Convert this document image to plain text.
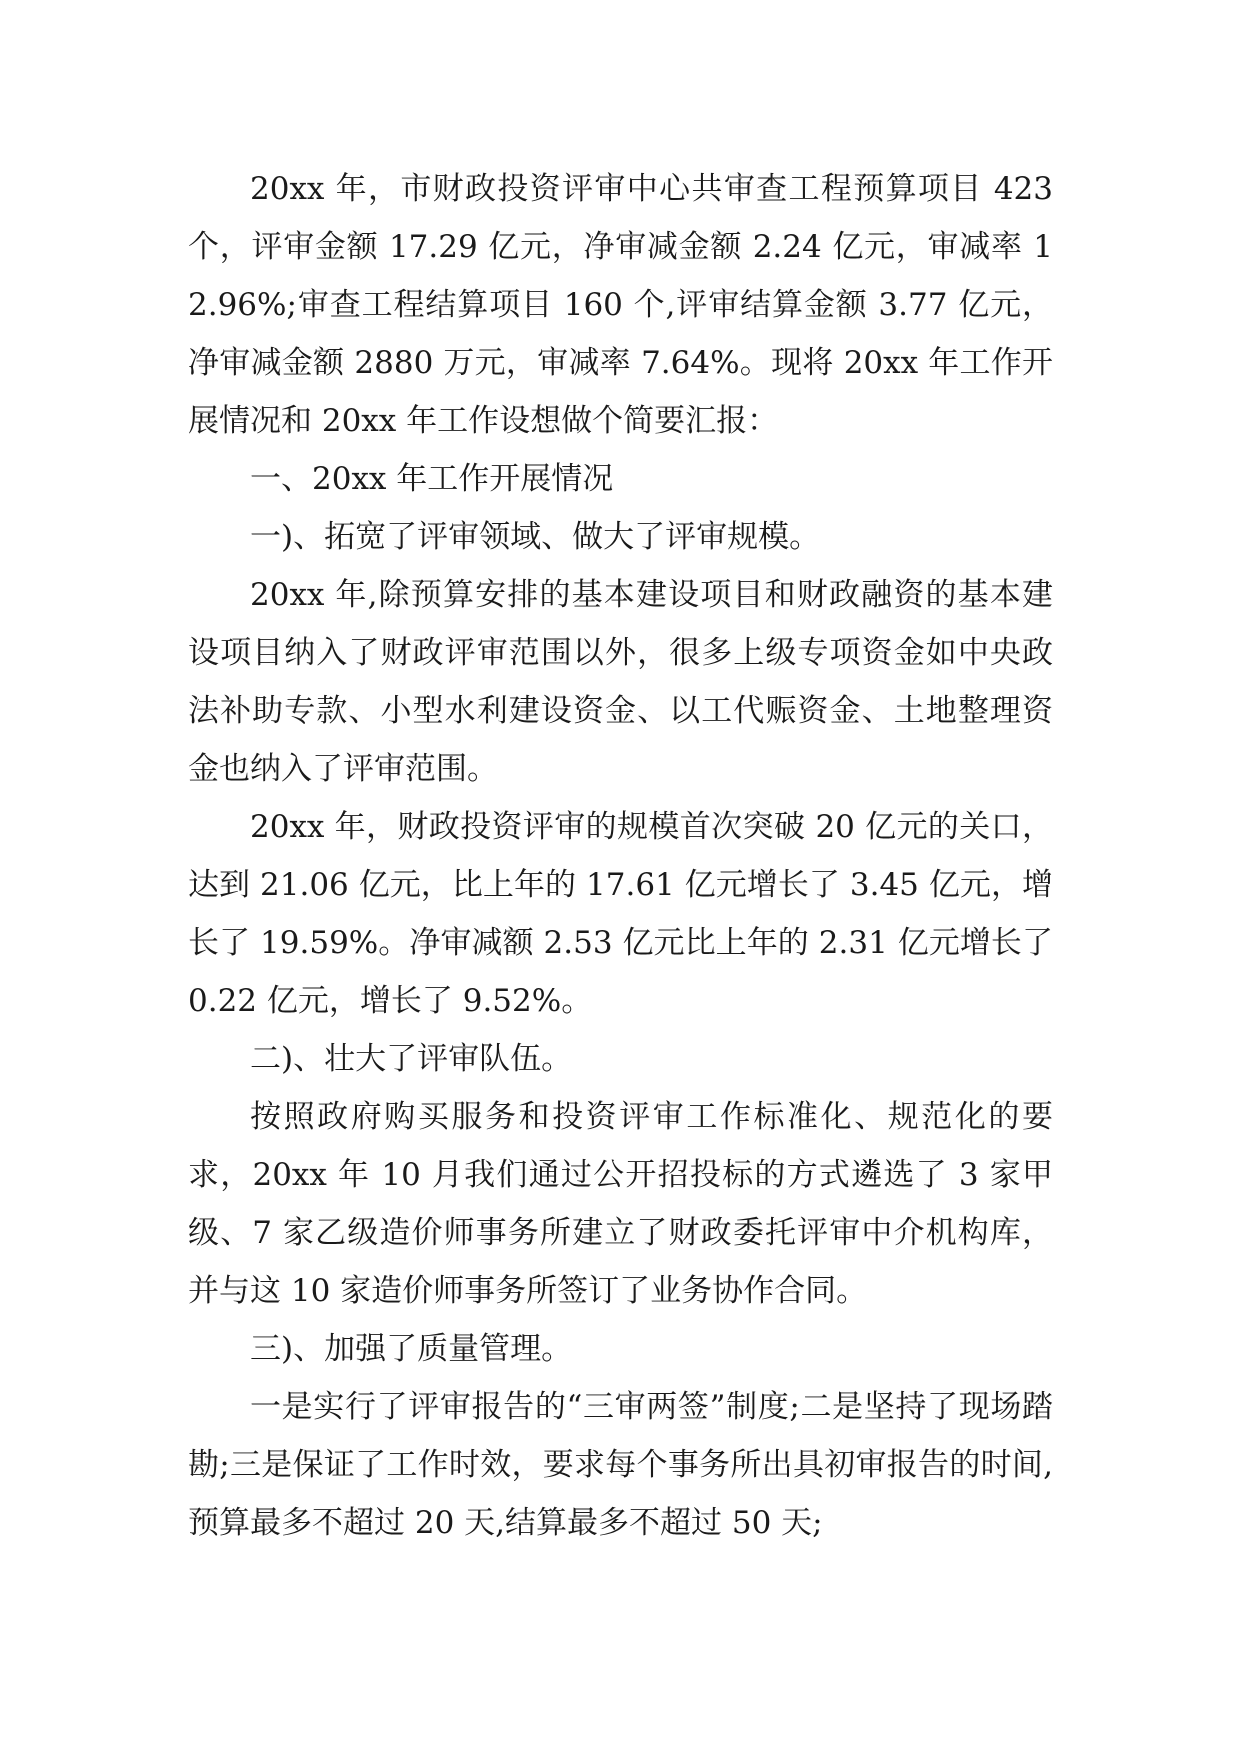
20xx 年，市财政投资评审中心共审查工程预算项目 423 个，评审金额 17.29 亿元，净审减金额 2.24 亿元，审减率 12.96%;审查工程结算项目 160 个,评审结算金额 3.77 亿元，净审减金额 2880 万元，审减率 7.64%。现将 20xx 年工作开展情况和 20xx 年工作设想做个简要汇报：

一、20xx 年工作开展情况

一)、拓宽了评审领域、做大了评审规模。

20xx 年,除预算安排的基本建设项目和财政融资的基本建设项目纳入了财政评审范围以外，很多上级专项资金如中央政法补助专款、小型水利建设资金、以工代赈资金、土地整理资金也纳入了评审范围。

20xx 年，财政投资评审的规模首次突破 20 亿元的关口，达到 21.06 亿元，比上年的 17.61 亿元增长了 3.45 亿元，增长了 19.59%。净审减额 2.53 亿元比上年的 2.31 亿元增长了 0.22 亿元，增长了 9.52%。

二)、壮大了评审队伍。

按照政府购买服务和投资评审工作标准化、规范化的要求，20xx 年 10 月我们通过公开招投标的方式遴选了 3 家甲级、7 家乙级造价师事务所建立了财政委托评审中介机构库，并与这 10 家造价师事务所签订了业务协作合同。

三)、加强了质量管理。

一是实行了评审报告的“三审两签”制度;二是坚持了现场踏勘;三是保证了工作时效，要求每个事务所出具初审报告的时间,预算最多不超过 20 天,结算最多不超过 50 天;
